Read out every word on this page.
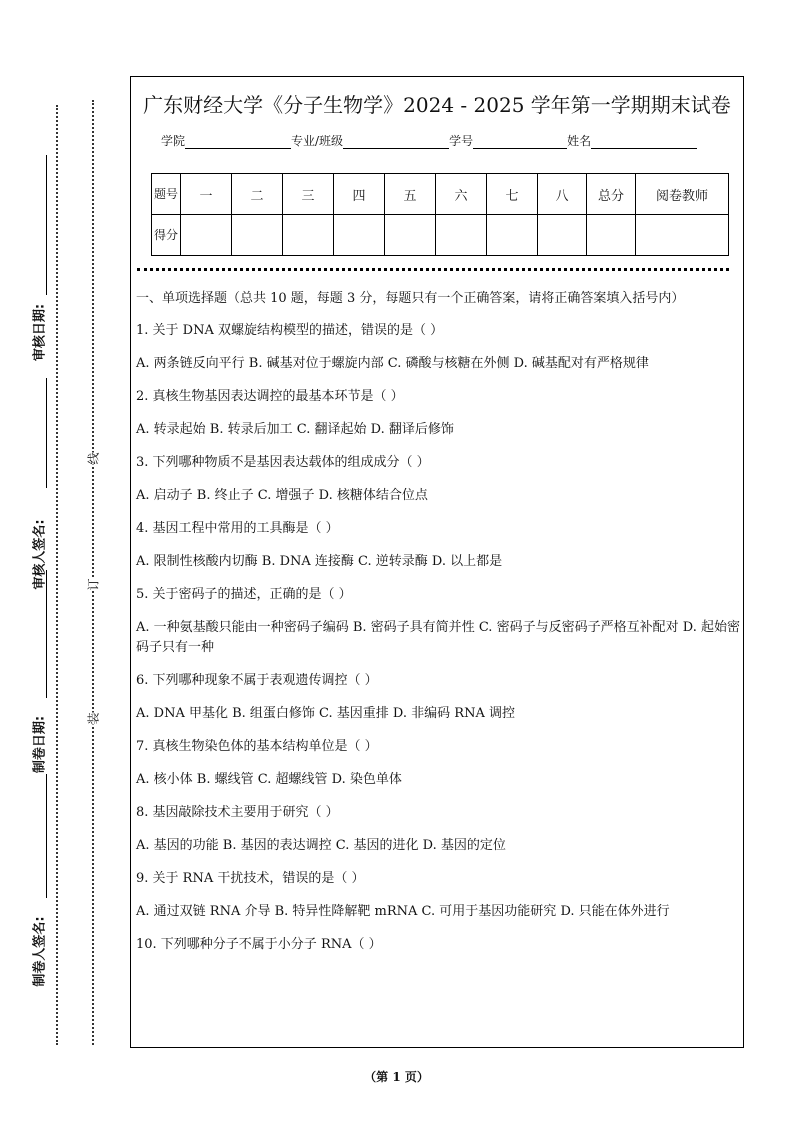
审核日期:
审核人签名:
制卷日期:
制卷人签名:
线
订
装
广东财经大学《分子生物学》2024 - 2025 学年第一学期期末试卷
学院	专业/班级	学号	姓名
题号	一	二	三	四	五	六	七	八	总分	阅卷教师
得分										

一、单项选择题（总共 10 题，每题 3 分，每题只有一个正确答案，请将正确答案填入括号内）

1. 关于 DNA 双螺旋结构模型的描述，错误的是（ ）

A. 两条链反向平行 B. 碱基对位于螺旋内部 C. 磷酸与核糖在外侧 D. 碱基配对有严格规律

2. 真核生物基因表达调控的最基本环节是（ ）

A. 转录起始 B. 转录后加工 C. 翻译起始 D. 翻译后修饰

3. 下列哪种物质不是基因表达载体的组成成分（ ）

A. 启动子 B. 终止子 C. 增强子 D. 核糖体结合位点

4. 基因工程中常用的工具酶是（ ）

A. 限制性核酸内切酶 B. DNA 连接酶 C. 逆转录酶 D. 以上都是

5. 关于密码子的描述，正确的是（ ）

A. 一种氨基酸只能由一种密码子编码 B. 密码子具有简并性 C. 密码子与反密码子严格互补配对 D. 起始密码子只有一种

6. 下列哪种现象不属于表观遗传调控（ ）

A. DNA 甲基化 B. 组蛋白修饰 C. 基因重排 D. 非编码 RNA 调控

7. 真核生物染色体的基本结构单位是（ ）

A. 核小体 B. 螺线管 C. 超螺线管 D. 染色单体

8. 基因敲除技术主要用于研究（ ）

A. 基因的功能 B. 基因的表达调控 C. 基因的进化 D. 基因的定位

9. 关于 RNA 干扰技术，错误的是（ ）

A. 通过双链 RNA 介导 B. 特异性降解靶 mRNA C. 可用于基因功能研究 D. 只能在体外进行

10. 下列哪种分子不属于小分子 RNA（ ）

（第 1 页）
